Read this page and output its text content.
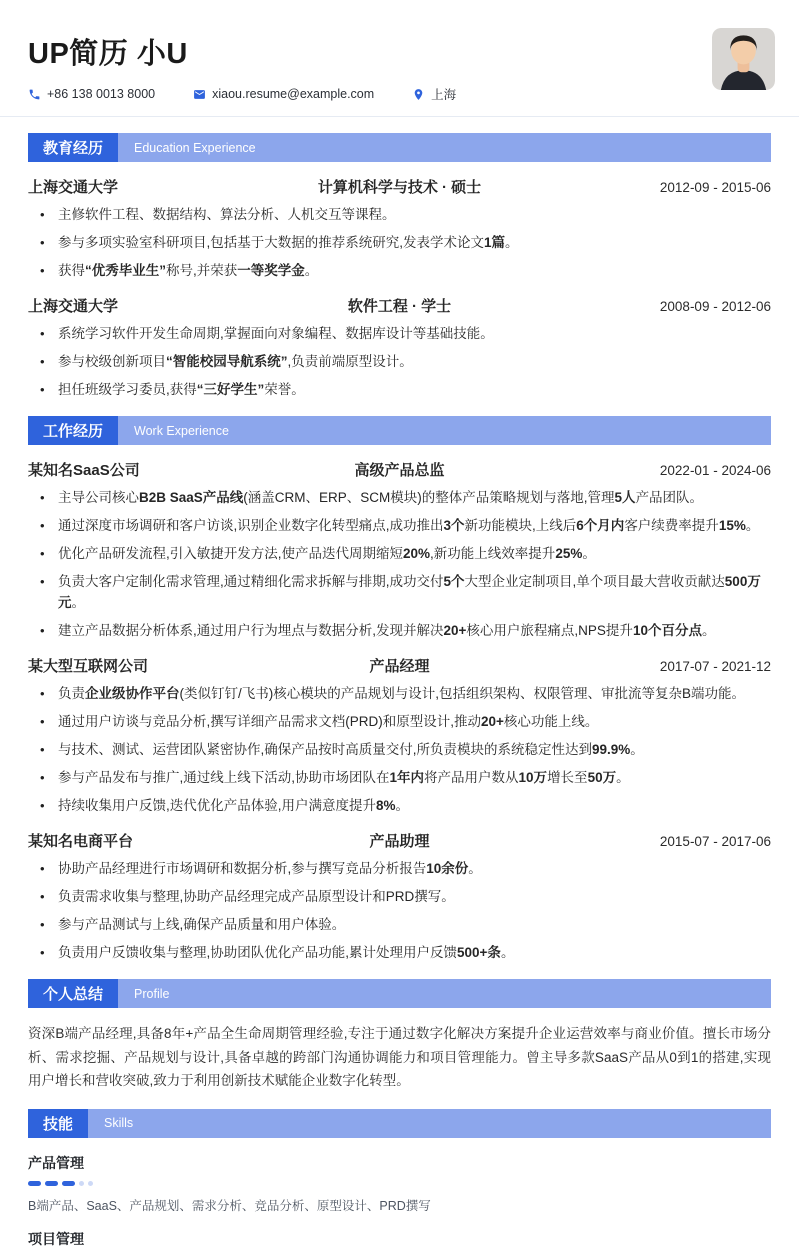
UP简历 小U
+86 138 0013 8000	xiaou.resume@example.com	上海
教育经历	Education Experience
上海交通大学	计算机科学与技术 · 硕士	2012-09 - 2015-06
• 主修软件工程、数据结构、算法分析、人机交互等课程。
• 参与多项实验室科研项目,包括基于大数据的推荐系统研究,发表学术论文1篇。
• 获得“优秀毕业生”称号,并荣获一等奖学金。
上海交通大学	软件工程 · 学士	2008-09 - 2012-06
• 系统学习软件开发生命周期,掌握面向对象编程、数据库设计等基础技能。
• 参与校级创新项目“智能校园导航系统”,负责前端原型设计。
• 担任班级学习委员,获得“三好学生”荣誉。
工作经历	Work Experience
某知名SaaS公司	高级产品总监	2022-01 - 2024-06
• 主导公司核心B2B SaaS产品线(涵盖CRM、ERP、SCM模块)的整体产品策略规划与落地,管理5人产品团队。
• 通过深度市场调研和客户访谈,识别企业数字化转型痛点,成功推出3个新功能模块,上线后6个月内客户续费率提升15%。
• 优化产品研发流程,引入敏捷开发方法,使产品迭代周期缩短20%,新功能上线效率提升25%。
• 负责大客户定制化需求管理,通过精细化需求拆解与排期,成功交付5个大型企业定制项目,单个项目最大营收贡献达500万元。
• 建立产品数据分析体系,通过用户行为埋点与数据分析,发现并解决20+核心用户旅程痛点,NPS提升10个百分点。
某大型互联网公司	产品经理	2017-07 - 2021-12
• 负责企业级协作平台(类似钉钉/飞书)核心模块的产品规划与设计,包括组织架构、权限管理、审批流等复杂B端功能。
• 通过用户访谈与竞品分析,撰写详细产品需求文档(PRD)和原型设计,推动20+核心功能上线。
• 与技术、测试、运营团队紧密协作,确保产品按时高质量交付,所负责模块的系统稳定性达到99.9%。
• 参与产品发布与推广,通过线上线下活动,协助市场团队在1年内将产品用户数从10万增长至50万。
• 持续收集用户反馈,迭代优化产品体验,用户满意度提升8%。
某知名电商平台	产品助理	2015-07 - 2017-06
• 协助产品经理进行市场调研和数据分析,参与撰写竞品分析报告10余份。
• 负责需求收集与整理,协助产品经理完成产品原型设计和PRD撰写。
• 参与产品测试与上线,确保产品质量和用户体验。
• 负责用户反馈收集与整理,协助团队优化产品功能,累计处理用户反馈500+条。
个人总结	Profile

资深B端产品经理,具备8年+产品全生命周期管理经验,专注于通过数字化解决方案提升企业运营效率与商业价值。擅长市场分析、需求挖掘、产品规划与设计,具备卓越的跨部门沟通协调能力和项目管理能力。曾主导多款SaaS产品从0到1的搭建,实现用户增长和营收突破,致力于利用创新技术赋能企业数字化转型。

技能	Skills
产品管理
B端产品、SaaS、产品规划、需求分析、竞品分析、原型设计、PRD撰写
项目管理
